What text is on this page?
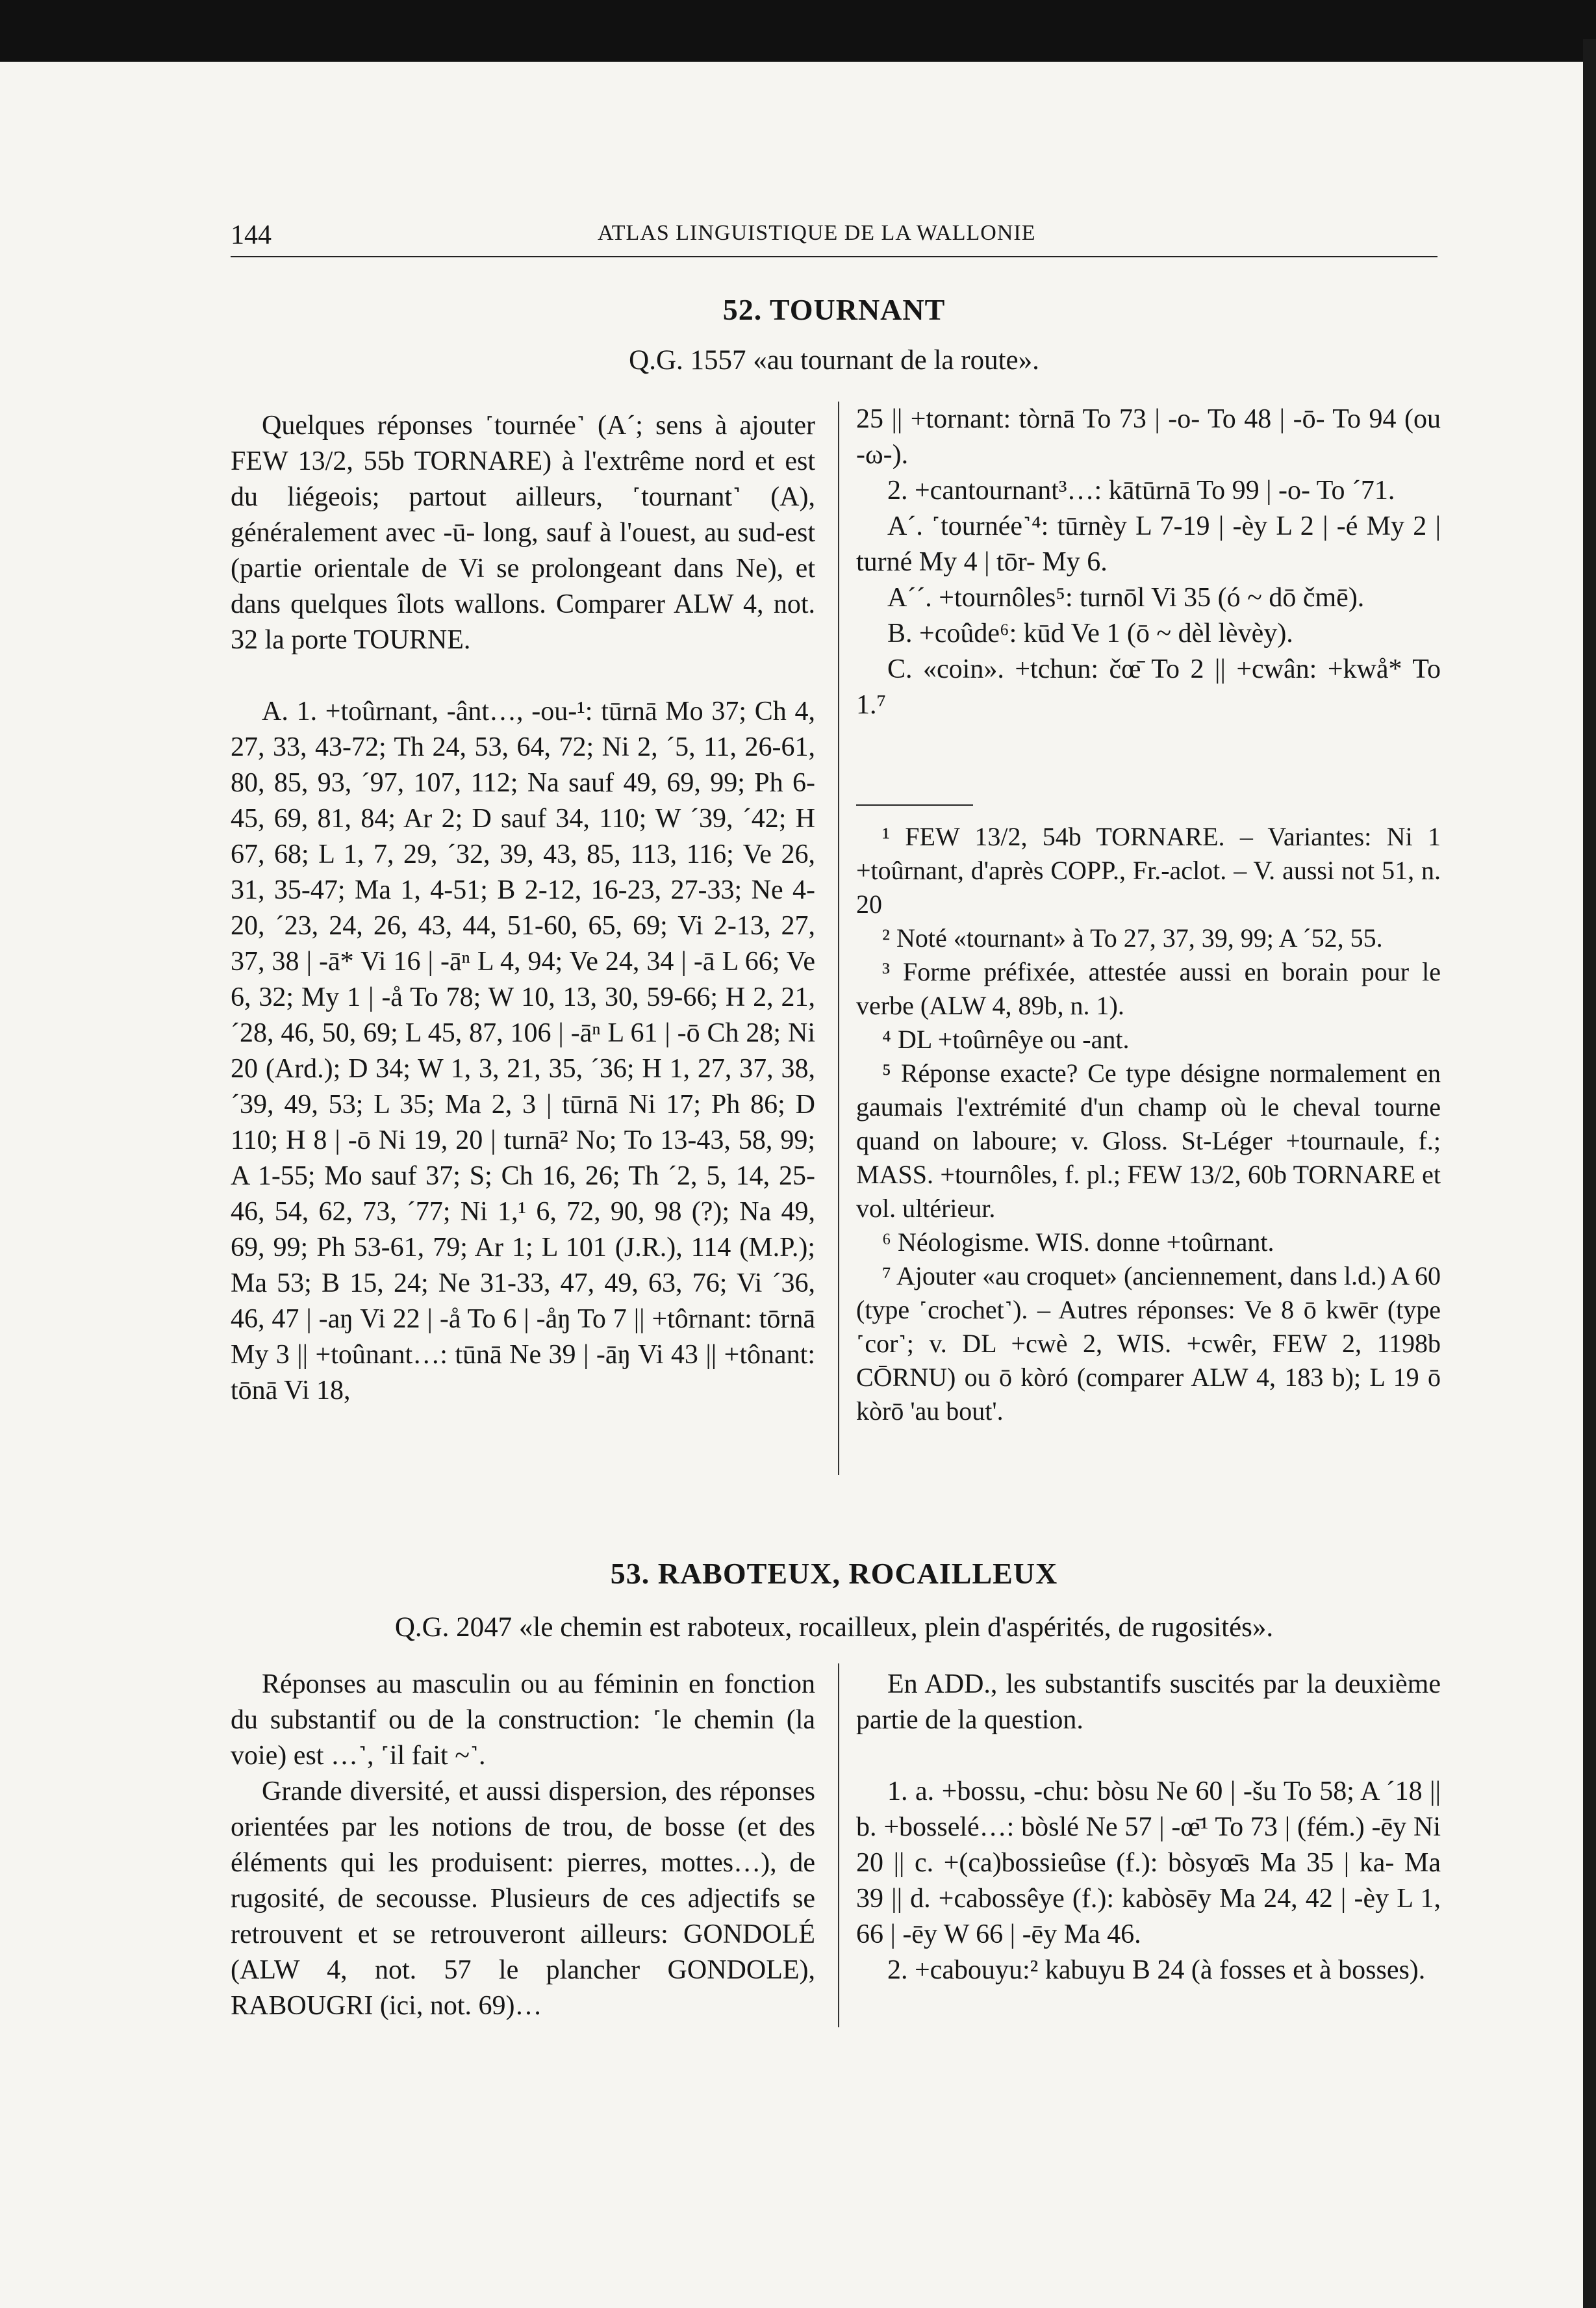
144	ATLAS LINGUISTIQUE DE LA WALLONIE
52. TOURNANT
Q.G. 1557 «au tournant de la route».

Quelques réponses ˹tournée˺ (A´; sens à ajouter FEW 13/2, 55b TORNARE) à l'extrême nord et est du liégeois; partout ailleurs, ˹tournant˺ (A), généralement avec -ū- long, sauf à l'ouest, au sud-est (partie orientale de Vi se prolongeant dans Ne), et dans quelques îlots wallons. Comparer ALW 4, not. 32 la porte TOURNE.

A. 1. +toûrnant, -ânt…, -ou-¹: tūrnā Mo 37; Ch 4, 27, 33, 43-72; Th 24, 53, 64, 72; Ni 2, ´5, 11, 26-61, 80, 85, 93, ´97, 107, 112; Na sauf 49, 69, 99; Ph 6-45, 69, 81, 84; Ar 2; D sauf 34, 110; W ´39, ´42; H 67, 68; L 1, 7, 29, ´32, 39, 43, 85, 113, 116; Ve 26, 31, 35-47; Ma 1, 4-51; B 2-12, 16-23, 27-33; Ne 4-20, ´23, 24, 26, 43, 44, 51-60, 65, 69; Vi 2-13, 27, 37, 38 | -ā* Vi 16 | -āⁿ L 4, 94; Ve 24, 34 | -ā L 66; Ve 6, 32; My 1 | -å To 78; W 10, 13, 30, 59-66; H 2, 21, ´28, 46, 50, 69; L 45, 87, 106 | -āⁿ L 61 | -ō Ch 28; Ni 20 (Ard.); D 34; W 1, 3, 21, 35, ´36; H 1, 27, 37, 38, ´39, 49, 53; L 35; Ma 2, 3 | tūrnā Ni 17; Ph 86; D 110; H 8 | -ō Ni 19, 20 | turnā² No; To 13-43, 58, 99; A 1-55; Mo sauf 37; S; Ch 16, 26; Th ´2, 5, 14, 25-46, 54, 62, 73, ´77; Ni 1,¹ 6, 72, 90, 98 (?); Na 49, 69, 99; Ph 53-61, 79; Ar 1; L 101 (J.R.), 114 (M.P.); Ma 53; B 15, 24; Ne 31-33, 47, 49, 63, 76; Vi ´36, 46, 47 | -aŋ Vi 22 | -å To 6 | -åŋ To 7 || +tôrnant: tōrnā My 3 || +toûnant…: tūnā Ne 39 | -āŋ Vi 43 || +tônant: tōnā Vi 18,

25 || +tornant: tòrnā To 73 | -o- To 48 | -ō- To 94 (ou -ω-).

2. +cantournant³…: kātūrnā To 99 | -o- To ´71.

A´. ˹tournée˺⁴: tūrnèy L 7-19 | -èy L 2 | -é My 2 | turné My 4 | tōr- My 6.

A´´. +tournôles⁵: turnōl Vi 35 (ó ~ dō čmē).

B. +coûde⁶: kūd Ve 1 (ō ~ dèl lèvèy).

C. «coin». +tchun: čœ̄ To 2 || +cwân: +kwå* To 1.⁷

¹ FEW 13/2, 54b TORNARE. – Variantes: Ni 1 +toûrnant, d'après COPP., Fr.-aclot. – V. aussi not 51, n. 20

² Noté «tournant» à To 27, 37, 39, 99; A ´52, 55.

³ Forme préfixée, attestée aussi en borain pour le verbe (ALW 4, 89b, n. 1).

⁴ DL +toûrnêye ou -ant.

⁵ Réponse exacte? Ce type désigne normalement en gaumais l'extrémité d'un champ où le cheval tourne quand on laboure; v. Gloss. St-Léger +tournaule, f.; MASS. +tournôles, f. pl.; FEW 13/2, 60b TORNARE et vol. ultérieur.

⁶ Néologisme. WIS. donne +toûrnant.

⁷ Ajouter «au croquet» (anciennement, dans l.d.) A 60 (type ˹crochet˺). – Autres réponses: Ve 8 ō kwēr (type ˹cor˺; v. DL +cwè 2, WIS. +cwêr, FEW 2, 1198b CŌRNU) ou ō kòró (comparer ALW 4, 183 b); L 19 ō kòrō 'au bout'.

53. RABOTEUX, ROCAILLEUX
Q.G. 2047 «le chemin est raboteux, rocailleux, plein d'aspérités, de rugosités».

Réponses au masculin ou au féminin en fonction du substantif ou de la construction: ˹le chemin (la voie) est …˺, ˹il fait ~˺.

Grande diversité, et aussi dispersion, des réponses orientées par les notions de trou, de bosse (et des éléments qui les produisent: pierres, mottes…), de rugosité, de secousse. Plusieurs de ces adjectifs se retrouvent et se retrouveront ailleurs: GONDOLÉ (ALW 4, not. 57 le plancher GONDOLE), RABOUGRI (ici, not. 69)…

En ADD., les substantifs suscités par la deuxième partie de la question.

1. a. +bossu, -chu: bòsu Ne 60 | -šu To 58; A ´18 || b. +bosselé…: bòslé Ne 57 | -œ̄¹ To 73 | (fém.) -ēy Ni 20 || c. +(ca)bossieûse (f.): bòsyœ̄s Ma 35 | ka- Ma 39 || d. +cabossêye (f.): kabòsēy Ma 24, 42 | -èy L 1, 66 | -ēy W 66 | -ēy Ma 46.

2. +cabouyu:² kabuyu B 24 (à fosses et à bosses).
